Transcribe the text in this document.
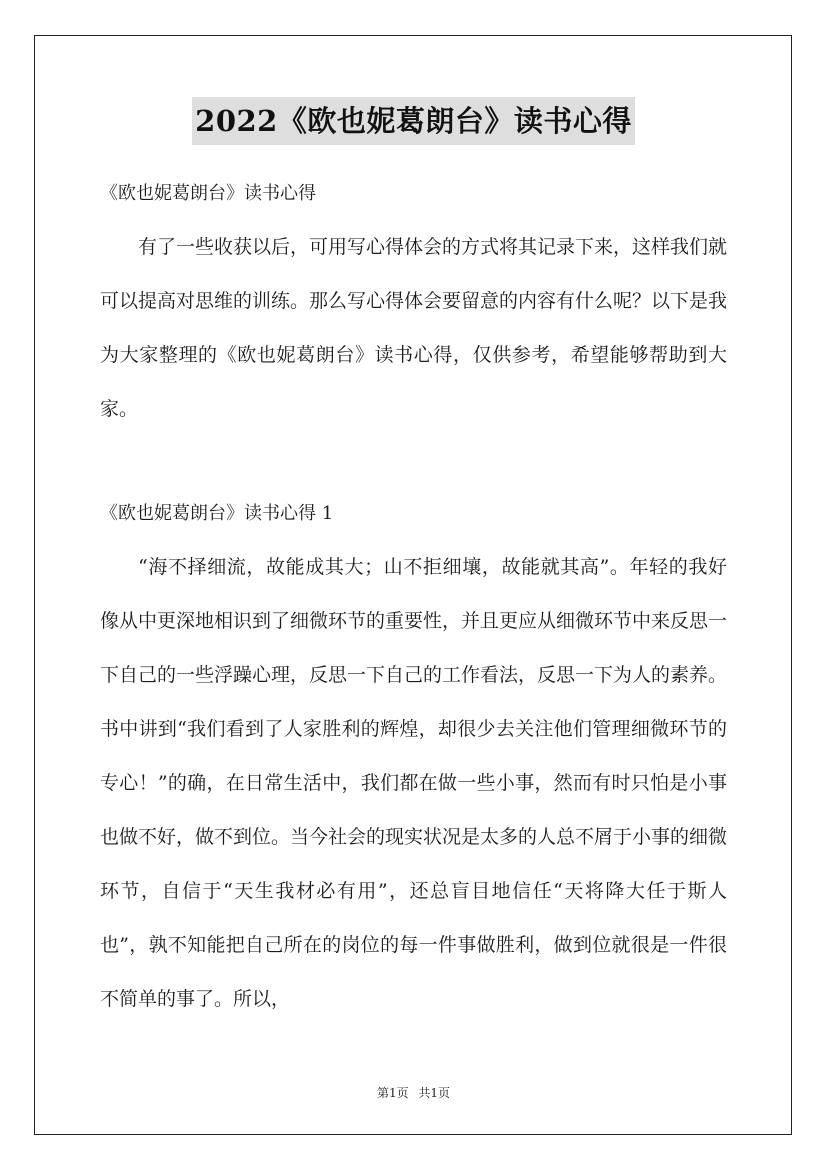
2022《欧也妮葛朗台》读书心得

《欧也妮葛朗台》读书心得

有了一些收获以后，可用写心得体会的方式将其记录下来，这样我们就可以提高对思维的训练。那么写心得体会要留意的内容有什么呢？以下是我为大家整理的《欧也妮葛朗台》读书心得，仅供参考，希望能够帮助到大家。

《欧也妮葛朗台》读书心得 1

“海不择细流，故能成其大；山不拒细壤，故能就其高”。年轻的我好像从中更深地相识到了细微环节的重要性，并且更应从细微环节中来反思一下自己的一些浮躁心理，反思一下自己的工作看法，反思一下为人的素养。书中讲到“我们看到了人家胜利的辉煌，却很少去关注他们管理细微环节的专心！”的确，在日常生活中，我们都在做一些小事，然而有时只怕是小事也做不好，做不到位。当今社会的现实状况是太多的人总不屑于小事的细微环节，自信于“天生我材必有用”，还总盲目地信任“天将降大任于斯人也”，孰不知能把自己所在的岗位的每一件事做胜利，做到位就很是一件很不简单的事了。所以，

第1页 共1页
